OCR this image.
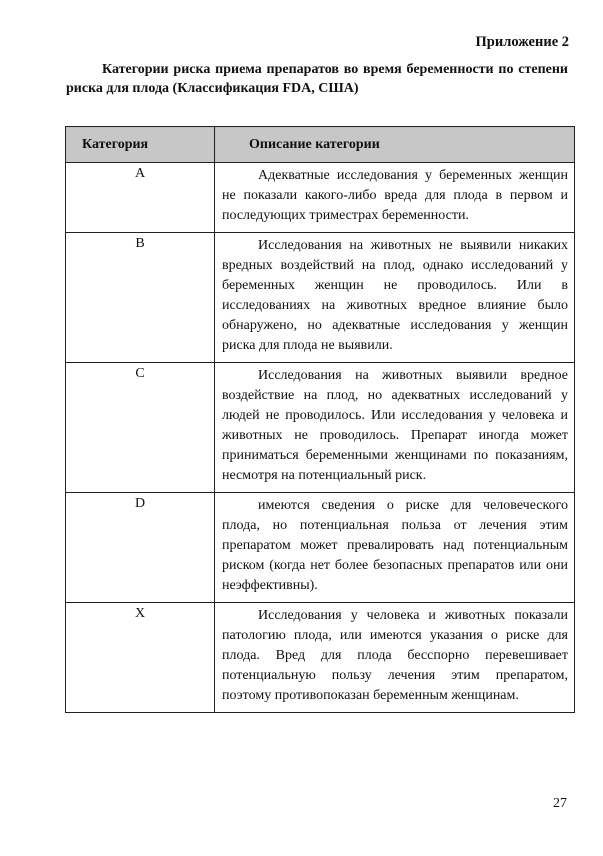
Приложение 2
Категории риска приема препаратов во время беременности по степени риска для плода (Классификация FDA, США)
Категория	Описание категории
A	Адекватные исследования у беременных женщин не показали какого-либо вреда для плода в первом и последующих триместрах беременности.
B	Исследования на животных не выявили никаких вредных воздействий на плод, однако исследований у беременных женщин не проводилось. Или в исследованиях на животных вредное влияние было обнаружено, но адекватные исследования у женщин риска для плода не выявили.
C	Исследования на животных выявили вредное воздействие на плод, но адекватных исследований у людей не проводилось. Или исследования у человека и животных не проводилось. Препарат иногда может приниматься беременными женщинами по показаниям, несмотря на потенциальный риск.
D	имеются сведения о риске для человеческого плода, но потенциальная польза от лечения этим препаратом может превалировать над потенциальным риском (когда нет более безопасных препаратов или они неэффективны).
X	Исследования у человека и животных показали патологию плода, или имеются указания о риске для плода. Вред для плода бесспорно перевешивает потенциальную пользу лечения этим препаратом, поэтому противопоказан беременным женщинам.
27
